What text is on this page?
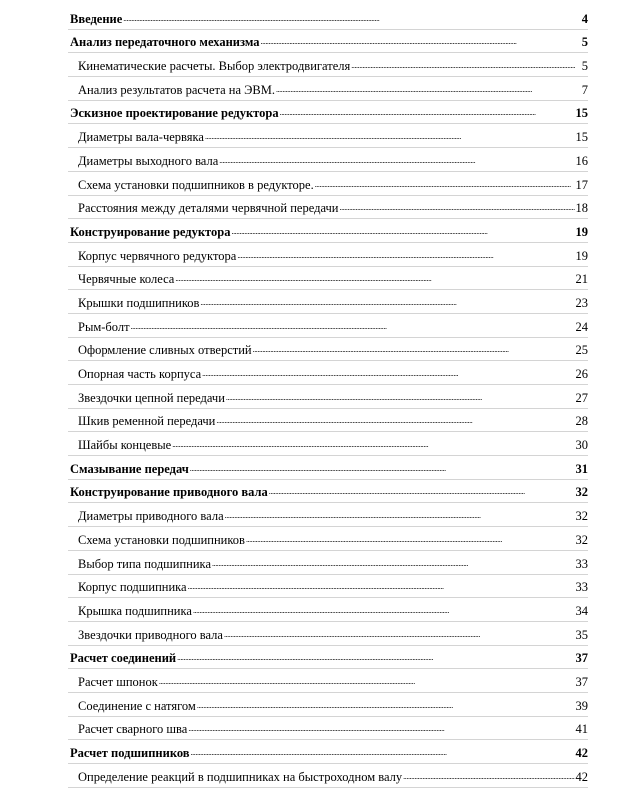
Введение . . .	4
Анализ передаточного механизма . . .	5
Кинематические расчеты. Выбор электродвигателя . . .	5
Анализ результатов расчета на ЭВМ. . . .	7
Эскизное проектирование редуктора . . .	15
Диаметры вала-червяка . . .	15
Диаметры выходного вала . . .	16
Схема установки подшипников в редукторе. . . .	17
Расстояния между деталями червячной передачи . . .	18
Конструирование редуктора . . .	19
Корпус червячного редуктора . . .	19
Червячные колеса . . .	21
Крышки подшипников . . .	23
Рым-болт . . .	24
Оформление сливных отверстий . . .	25
Опорная часть корпуса . . .	26
Звездочки цепной передачи . . .	27
Шкив ременной передачи . . .	28
Шайбы концевые . . .	30
Смазывание передач . . .	31
Конструирование приводного вала . . .	32
Диаметры приводного вала . . .	32
Схема установки подшипников . . .	32
Выбор типа подшипника . . .	33
Корпус подшипника . . .	33
Крышка подшипника . . .	34
Звездочки приводного вала . . .	35
Расчет соединений . . .	37
Расчет шпонок . . .	37
Соединение с натягом . . .	39
Расчет сварного шва . . .	41
Расчет подшипников . . .	42
Определение реакций в подшипниках на быстроходном валу . . .	42
